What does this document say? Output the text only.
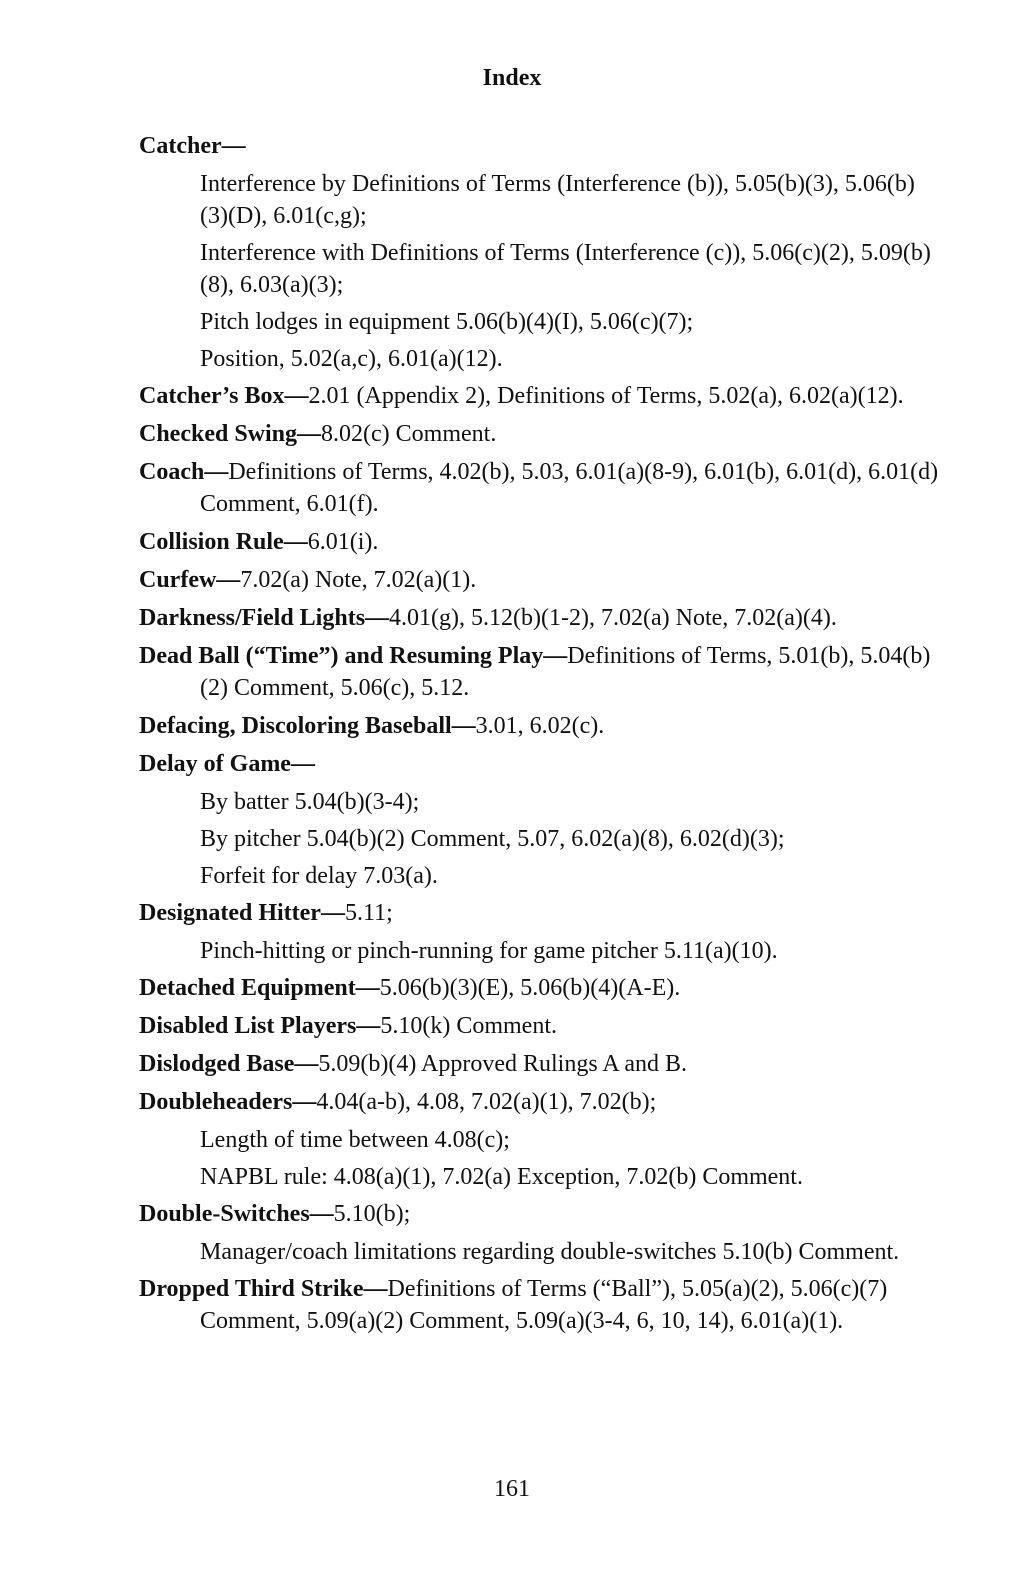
Index
Catcher—
Interference by Definitions of Terms (Interference (b)), 5.05(b)(3), 5.06(b)(3)(D), 6.01(c,g);
Interference with Definitions of Terms (Interference (c)), 5.06(c)(2), 5.09(b)(8), 6.03(a)(3);
Pitch lodges in equipment 5.06(b)(4)(I), 5.06(c)(7);
Position, 5.02(a,c), 6.01(a)(12).
Catcher’s Box—2.01 (Appendix 2), Definitions of Terms, 5.02(a), 6.02(a)(12).
Checked Swing—8.02(c) Comment.
Coach—Definitions of Terms, 4.02(b), 5.03, 6.01(a)(8-9), 6.01(b), 6.01(d), 6.01(d) Comment, 6.01(f).
Collision Rule—6.01(i).
Curfew—7.02(a) Note, 7.02(a)(1).
Darkness/Field Lights—4.01(g), 5.12(b)(1-2), 7.02(a) Note, 7.02(a)(4).
Dead Ball (“Time”) and Resuming Play—Definitions of Terms, 5.01(b), 5.04(b)(2) Comment, 5.06(c), 5.12.
Defacing, Discoloring Baseball—3.01, 6.02(c).
Delay of Game—
By batter 5.04(b)(3-4);
By pitcher 5.04(b)(2) Comment, 5.07, 6.02(a)(8), 6.02(d)(3);
Forfeit for delay 7.03(a).
Designated Hitter—5.11;
Pinch-hitting or pinch-running for game pitcher 5.11(a)(10).
Detached Equipment—5.06(b)(3)(E), 5.06(b)(4)(A-E).
Disabled List Players—5.10(k) Comment.
Dislodged Base—5.09(b)(4) Approved Rulings A and B.
Doubleheaders—4.04(a-b), 4.08, 7.02(a)(1), 7.02(b);
Length of time between 4.08(c);
NAPBL rule: 4.08(a)(1), 7.02(a) Exception, 7.02(b) Comment.
Double-Switches—5.10(b);
Manager/coach limitations regarding double-switches 5.10(b) Comment.
Dropped Third Strike—Definitions of Terms (“Ball”), 5.05(a)(2), 5.06(c)(7) Comment, 5.09(a)(2) Comment, 5.09(a)(3-4, 6, 10, 14), 6.01(a)(1).
161
